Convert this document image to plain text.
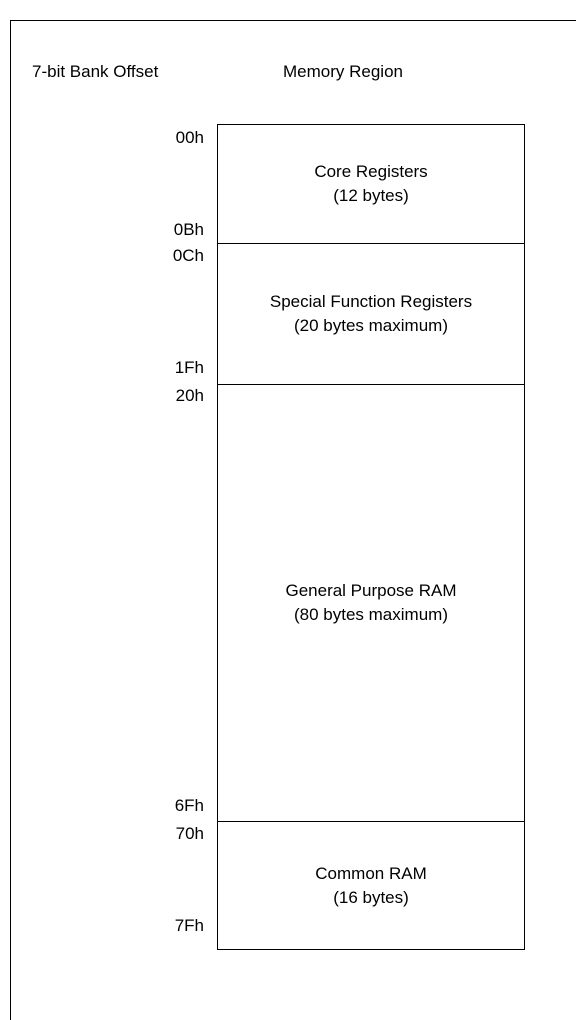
7-bit Bank Offset	Memory Region
00h
0Bh
0Ch
1Fh
20h
6Fh
70h
7Fh
Core Registers
(12 bytes)
Special Function Registers
(20 bytes maximum)
General Purpose RAM
(80 bytes maximum)
Common RAM
(16 bytes)
